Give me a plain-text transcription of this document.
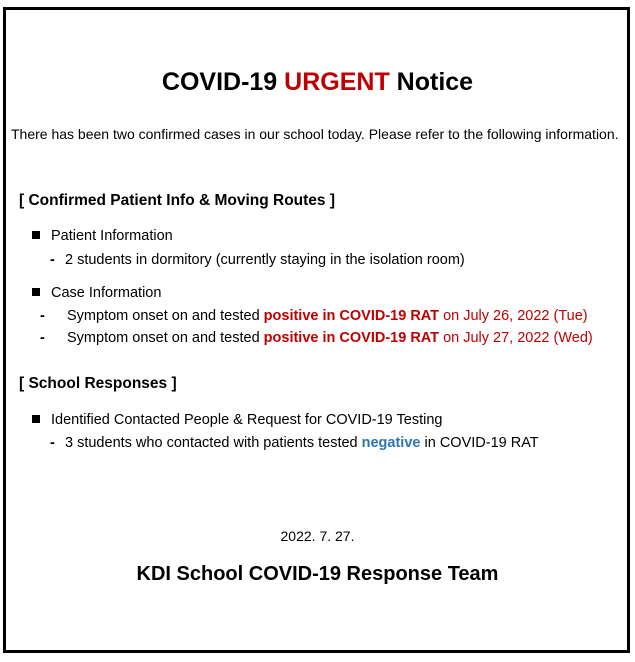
COVID-19 URGENT Notice
There has been two confirmed cases in our school today. Please refer to the following information.
[ Confirmed Patient Info & Moving Routes ]
Patient Information
- 2 students in dormitory (currently staying in the isolation room)
Case Information
- Symptom onset on and tested positive in COVID-19 RAT on July 26, 2022 (Tue)
- Symptom onset on and tested positive in COVID-19 RAT on July 27, 2022 (Wed)
[ School Responses ]
Identified Contacted People & Request for COVID-19 Testing
- 3 students who contacted with patients tested negative in COVID-19 RAT
2022. 7. 27.
KDI School COVID-19 Response Team
